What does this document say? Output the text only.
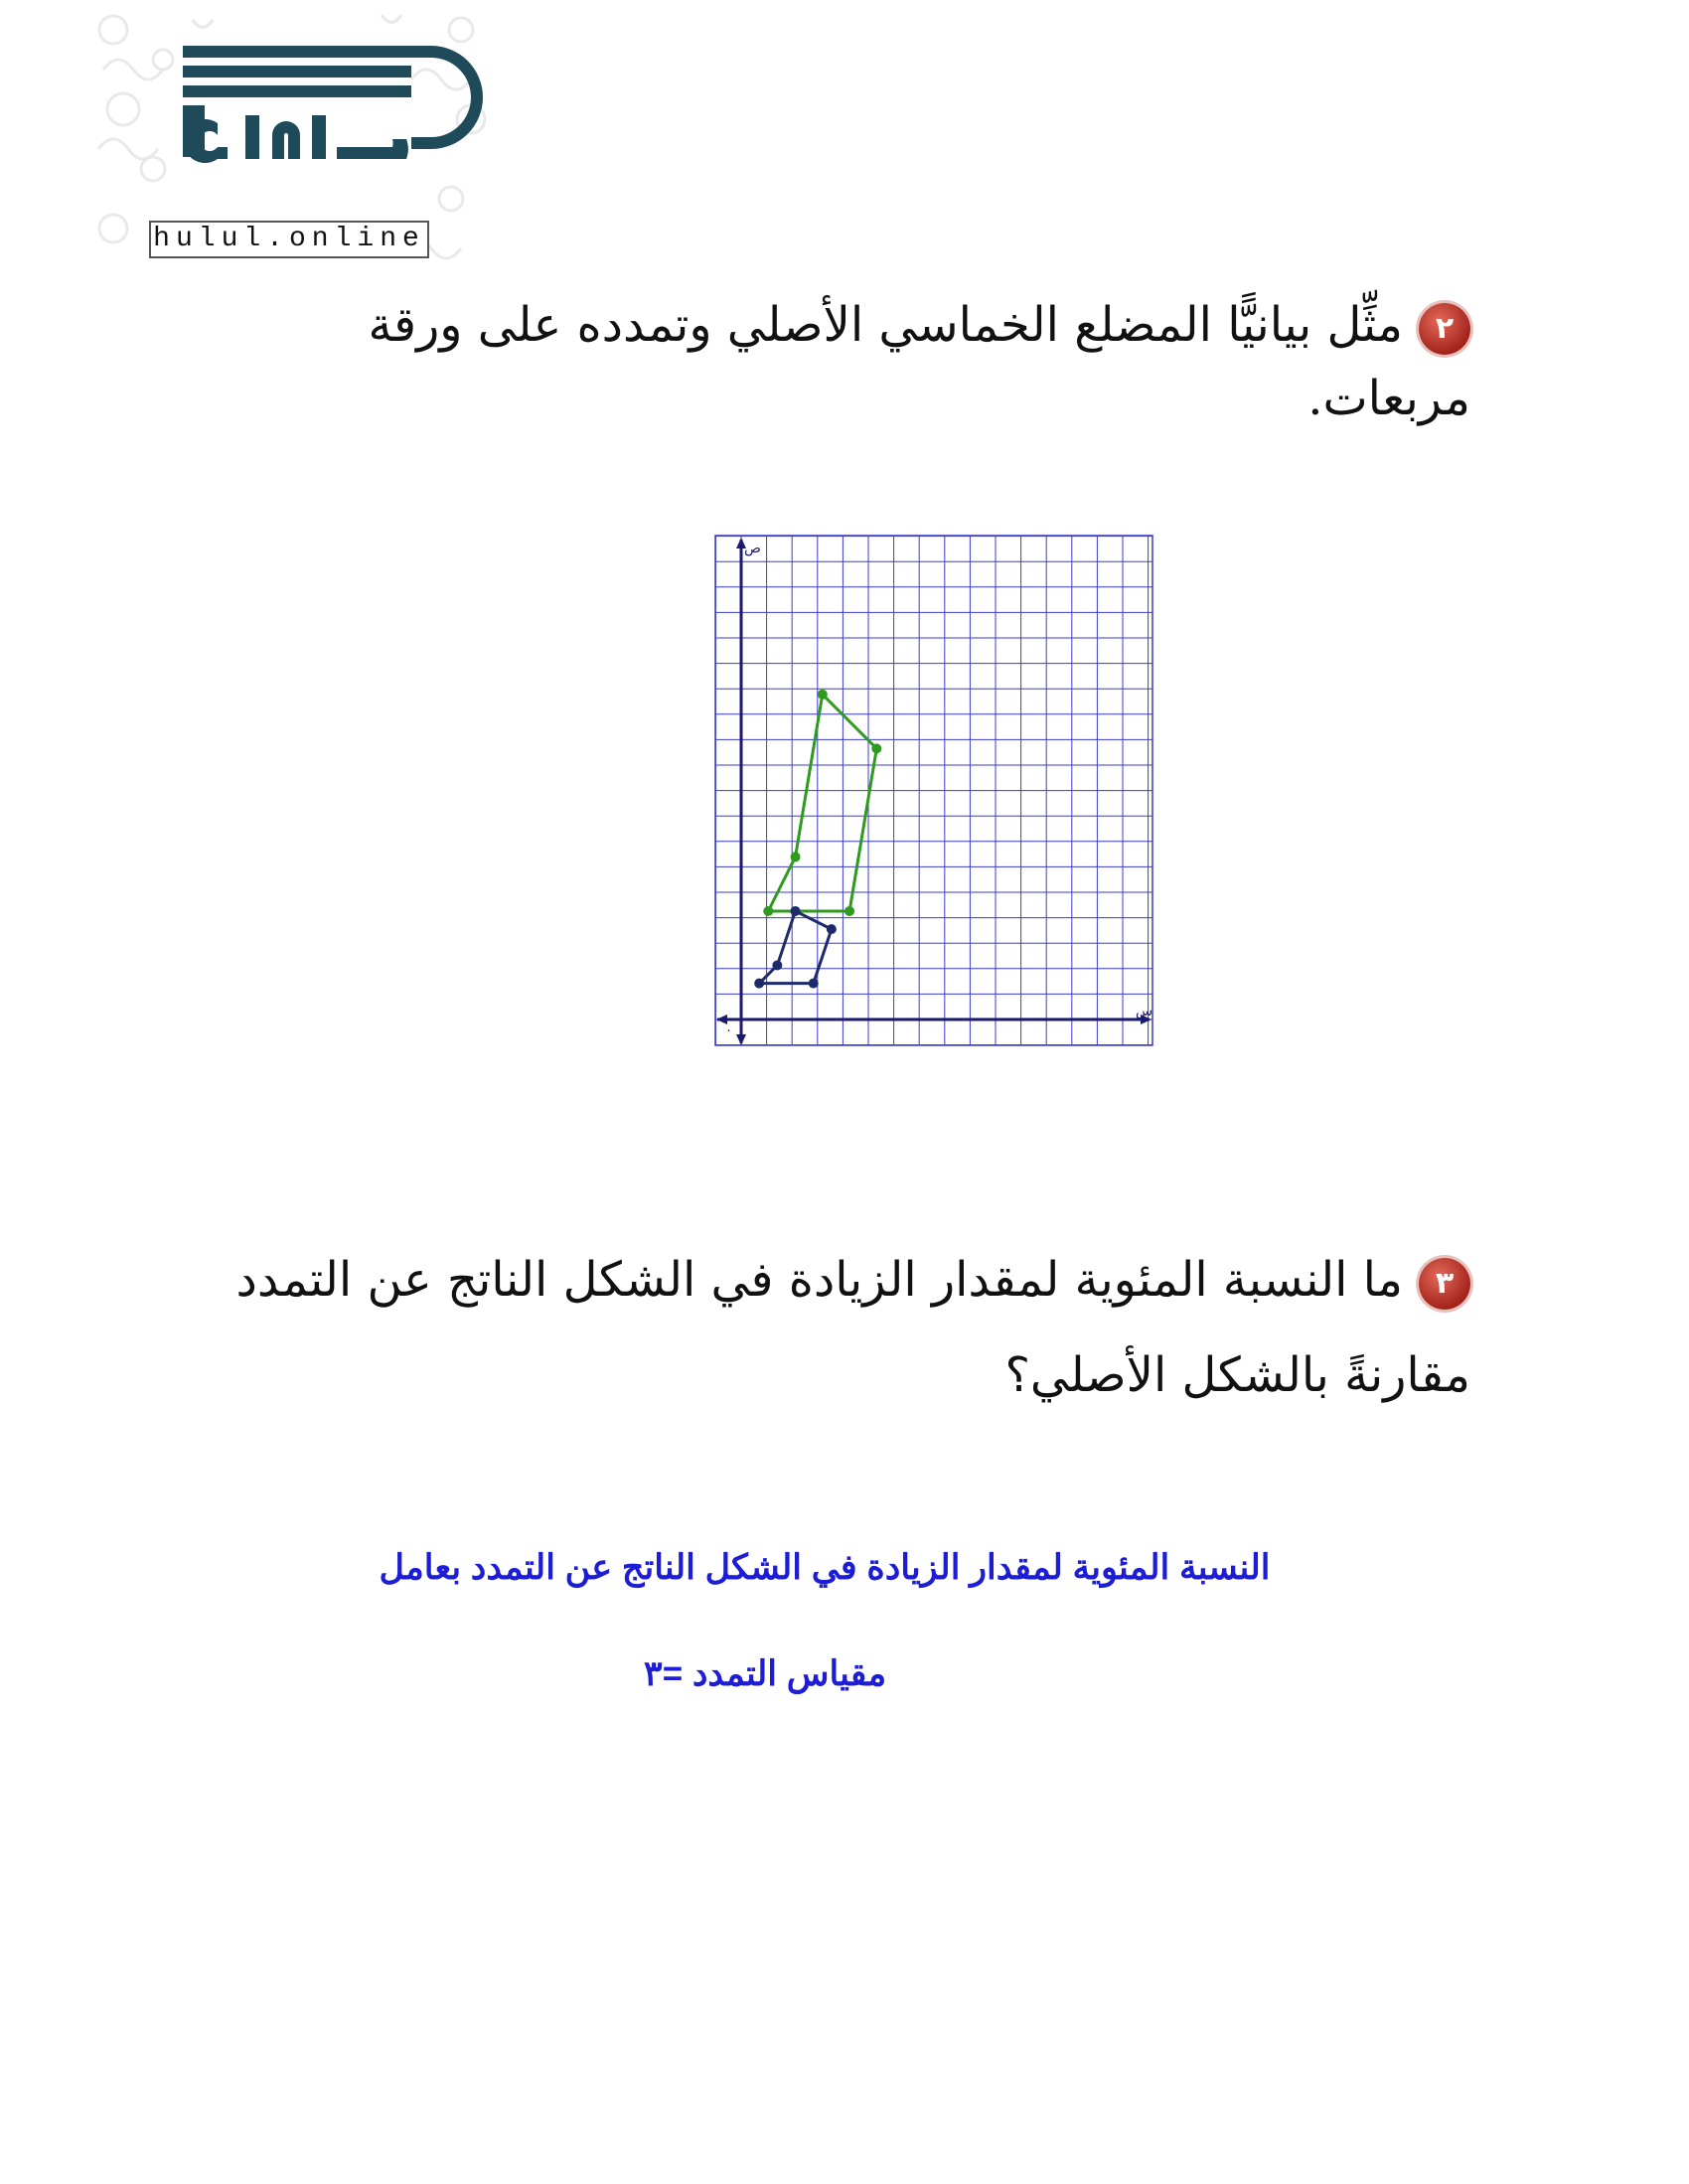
hulul.online

٢مثِّل بيانيًّا المضلع الخماسي الأصلي وتمدده على ورقة مربعات.

ص
س
٠

٣ما النسبة المئوية لمقدار الزيادة في الشكل الناتج عن التمدد مقارنةً بالشكل الأصلي؟

النسبة المئوية لمقدار الزيادة في الشكل الناتج عن التمدد بعامل

مقياس التمدد =٣
